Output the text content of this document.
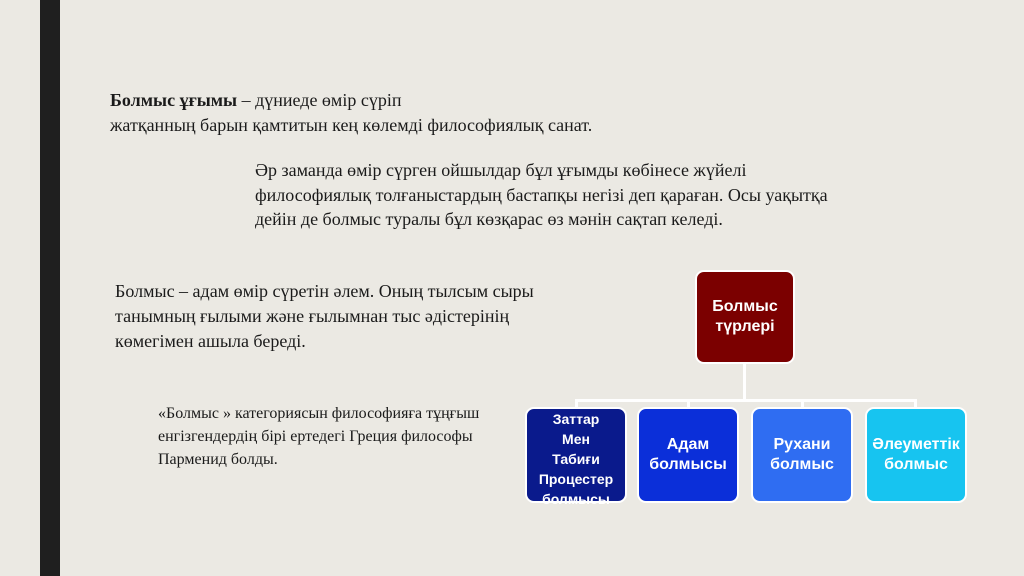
Болмыс ұғымы – дүниеде өмір сүріп
жатқанның барын қамтитын кең көлемді философиялық санат.
Әр заманда өмір сүрген ойшылдар бұл ұғымды көбінесе жүйелі философиялық толғаныстардың бастапқы негізі деп қараған. Осы уақытқа дейін де болмыс туралы бұл көзқарас өз мәнін сақтап келеді.
Болмыс – адам өмір сүретін әлем. Оның тылсым сыры танымның ғылыми және ғылымнан тыс әдістерінің көмегімен ашыла береді.
«Болмыс » категориясын философияға тұңғыш енгізгендердің бірі ертедегі Греция философы Парменид болды.
Болмыс
түрлері
Заттар
Мен
Табиғи
Процестер
болмысы
Адам
болмысы
Рухани
болмыс
Әлеуметтік
болмыс
